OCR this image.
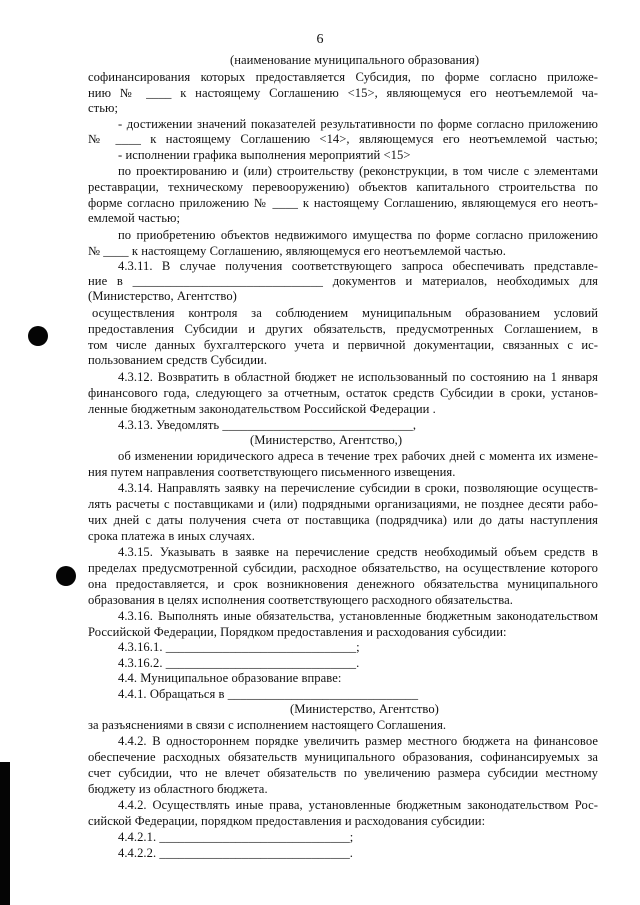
6
(наименование муниципального образования)
софинансирования которых предоставляется Субсидия, по форме согласно приложе-
нию № ____ к настоящему Соглашению <15>, являющемуся его неотъемлемой ча-
стью;
- достижении значений показателей результативности по форме согласно приложению
№ ____ к настоящему Соглашению <14>, являющемуся его неотъемлемой частью;
- исполнении графика выполнения мероприятий <15>
по проектированию и (или) строительству (реконструкции, в том числе с элементами
реставрации, техническому перевооружению) объектов капитального строительства по
форме согласно приложению № ____ к настоящему Соглашению, являющемуся его неотъ-
емлемой частью;
по приобретению объектов недвижимого имущества по форме согласно приложению
№ ____ к настоящему Соглашению, являющемуся его неотъемлемой частью.
4.3.11. В случае получения соответствующего запроса обеспечивать представле-
ние в ______________________________ документов и материалов, необходимых для
(Министерство, Агентство)
осуществления контроля за соблюдением муниципальным образованием условий
предоставления Субсидии и других обязательств, предусмотренных Соглашением, в
том числе данных бухгалтерского учета и первичной документации, связанных с ис-
пользованием средств Субсидии.
4.3.12. Возвратить в областной бюджет не использованный по состоянию на 1 января
финансового года, следующего за отчетным, остаток средств Субсидии в сроки, установ-
ленные бюджетным законодательством Российской Федерации .
4.3.13. Уведомлять ______________________________,
(Министерство, Агентство,)
об изменении юридического адреса в течение трех рабочих дней с момента их измене-
ния путем направления соответствующего письменного извещения.
4.3.14. Направлять заявку на перечисление субсидии в сроки, позволяющие осуществ-
лять расчеты с поставщиками и (или) подрядными организациями, не позднее десяти рабо-
чих дней с даты получения счета от поставщика (подрядчика) или до даты наступления
срока платежа в иных случаях.
4.3.15. Указывать в заявке на перечисление средств необходимый объем средств в
пределах предусмотренной субсидии, расходное обязательство, на осуществление которого
она предоставляется, и срок возникновения денежного обязательства муниципального
образования в целях исполнения соответствующего расходного обязательства.
4.3.16. Выполнять иные обязательства, установленные бюджетным законодательством
Российской Федерации, Порядком предоставления и расходования субсидии:
4.3.16.1. ______________________________;
4.3.16.2. ______________________________.
4.4. Муниципальное образование вправе:
4.4.1. Обращаться в ______________________________
(Министерство, Агентство)
за разъяснениями в связи с исполнением настоящего Соглашения.
4.4.2. В одностороннем порядке увеличить размер местного бюджета на финансовое
обеспечение расходных обязательств муниципального образования, софинансируемых за
счет субсидии, что не влечет обязательств по увеличению размера субсидии местному
бюджету из областного бюджета.
4.4.2. Осуществлять иные права, установленные бюджетным законодательством Рос-
сийской Федерации, порядком предоставления и расходования субсидии:
4.4.2.1. ______________________________;
4.4.2.2. ______________________________.
